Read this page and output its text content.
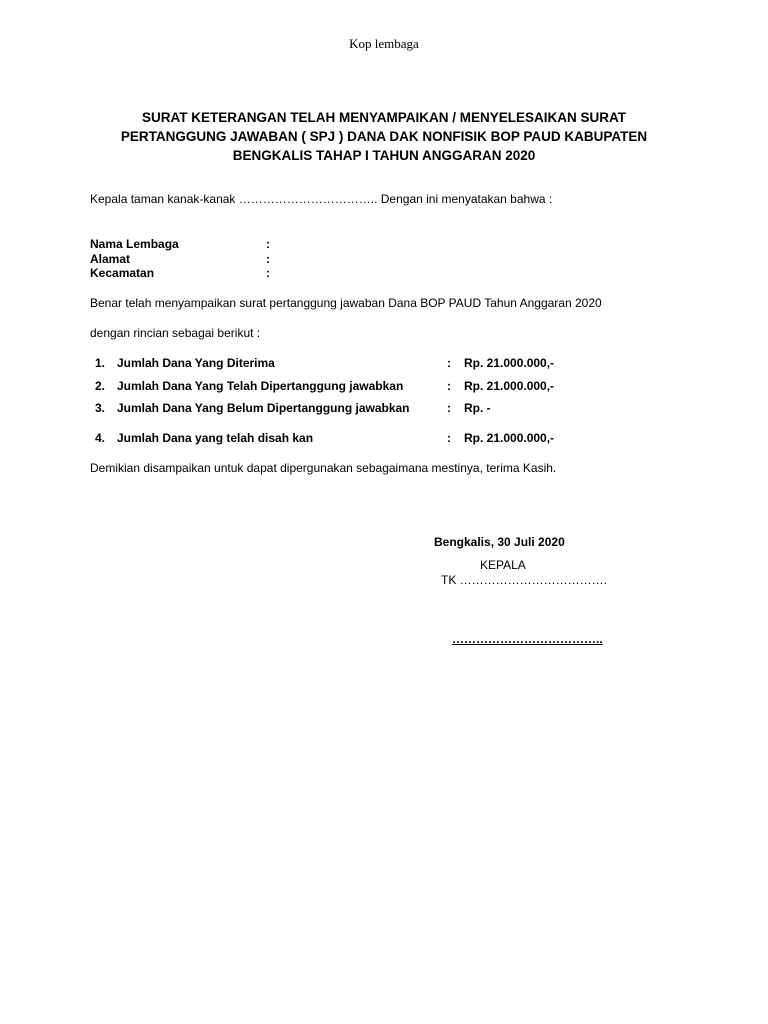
Kop lembaga
SURAT KETERANGAN TELAH MENYAMPAIKAN / MENYELESAIKAN SURAT
PERTANGGUNG JAWABAN ( SPJ ) DANA DAK NONFISIK BOP PAUD KABUPATEN
BENGKALIS TAHAP I TAHUN ANGGARAN 2020
Kepala taman kanak-kanak …………………………….. Dengan ini menyatakan bahwa :
Nama Lembaga	:
Alamat	:
Kecamatan	:
Benar telah menyampaikan surat pertanggung jawaban Dana BOP PAUD Tahun Anggaran 2020
dengan rincian sebagai berikut :
1. Jumlah Dana Yang Diterima	: Rp. 21.000.000,-
2. Jumlah Dana Yang Telah Dipertanggung jawabkan	: Rp. 21.000.000,-
3. Jumlah Dana Yang Belum Dipertanggung jawabkan	: Rp. -
4. Jumlah Dana yang telah disah kan	: Rp. 21.000.000,-
Demikian disampaikan untuk dapat dipergunakan sebagaimana mestinya, terima Kasih.
Bengkalis, 30 Juli 2020
KEPALA
TK ……………………………….
………………………………..
